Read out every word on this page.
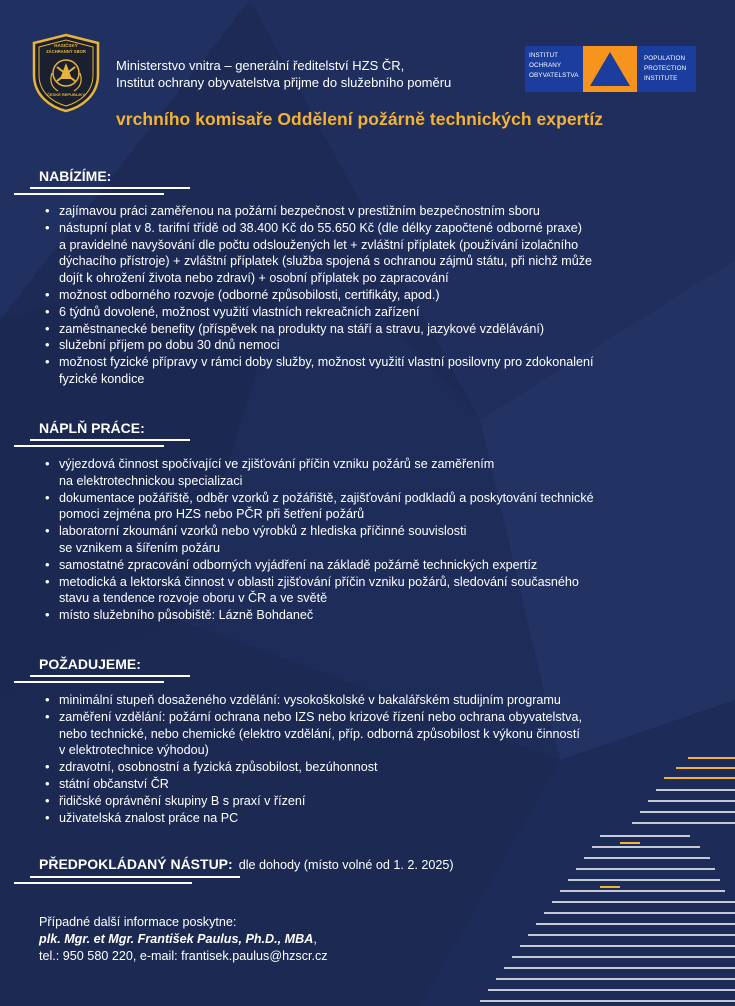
HASIČSKÝ
ZÁCHRANNÝ SBOR
ČESKÉ REPUBLIKY
Ministerstvo vnitra – generální ředitelství HZS ČR,
Institut ochrany obyvatelstva přijme do služebního poměru
INSTITUT
OCHRANY
OBYVATELSTVA
POPULATION
PROTECTION
INSTITUTE
vrchního komisaře Oddělení požárně technických expertíz
NABÍZÍME:
• zajímavou práci zaměřenou na požární bezpečnost v prestižním bezpečnostním sboru
• nástupní plat v 8. tarifní třídě od 38.400 Kč do 55.650 Kč (dle délky započtené odborné praxe)
a pravidelné navyšování dle počtu odsloužených let + zvláštní příplatek (používání izolačního
dýchacího přístroje) + zvláštní příplatek (služba spojená s ochranou zájmů státu, při nichž může
dojít k ohrožení života nebo zdraví) + osobní příplatek po zapracování
• možnost odborného rozvoje (odborné způsobilosti, certifikáty, apod.)
• 6 týdnů dovolené, možnost využití vlastních rekreačních zařízení
• zaměstnanecké benefity (příspěvek na produkty na stáří a stravu, jazykové vzdělávání)
• služební příjem po dobu 30 dnů nemoci
• možnost fyzické přípravy v rámci doby služby, možnost využití vlastní posilovny pro zdokonalení
fyzické kondice
NÁPLŇ PRÁCE:
• výjezdová činnost spočívající ve zjišťování příčin vzniku požárů se zaměřením
na elektrotechnickou specializaci
• dokumentace požářiště, odběr vzorků z požářiště, zajišťování podkladů a poskytování technické
pomoci zejména pro HZS nebo PČR při šetření požárů
• laboratorní zkoumání vzorků nebo výrobků z hlediska příčinné souvislosti
se vznikem a šířením požáru
• samostatné zpracování odborných vyjádření na základě požárně technických expertíz
• metodická a lektorská činnost v oblasti zjišťování příčin vzniku požárů, sledování současného
stavu a tendence rozvoje oboru v ČR a ve světě
• místo služebního působiště: Lázně Bohdaneč
POŽADUJEME:
• minimální stupeň dosaženého vzdělání: vysokoškolské v bakalářském studijním programu
• zaměření vzdělání: požární ochrana nebo IZS nebo krizové řízení nebo ochrana obyvatelstva,
nebo technické, nebo chemické (elektro vzdělání, příp. odborná způsobilost k výkonu činností
v elektrotechnice výhodou)
• zdravotní, osobnostní a fyzická způsobilost, bezúhonnost
• státní občanství ČR
• řidičské oprávnění skupiny B s praxí v řízení
• uživatelská znalost práce na PC
PŘEDPOKLÁDANÝ NÁSTUP: dle dohody (místo volné od 1. 2. 2025)
Případné další informace poskytne:
plk. Mgr. et Mgr. František Paulus, Ph.D., MBA,
tel.: 950 580 220, e-mail: frantisek.paulus@hzscr.cz
